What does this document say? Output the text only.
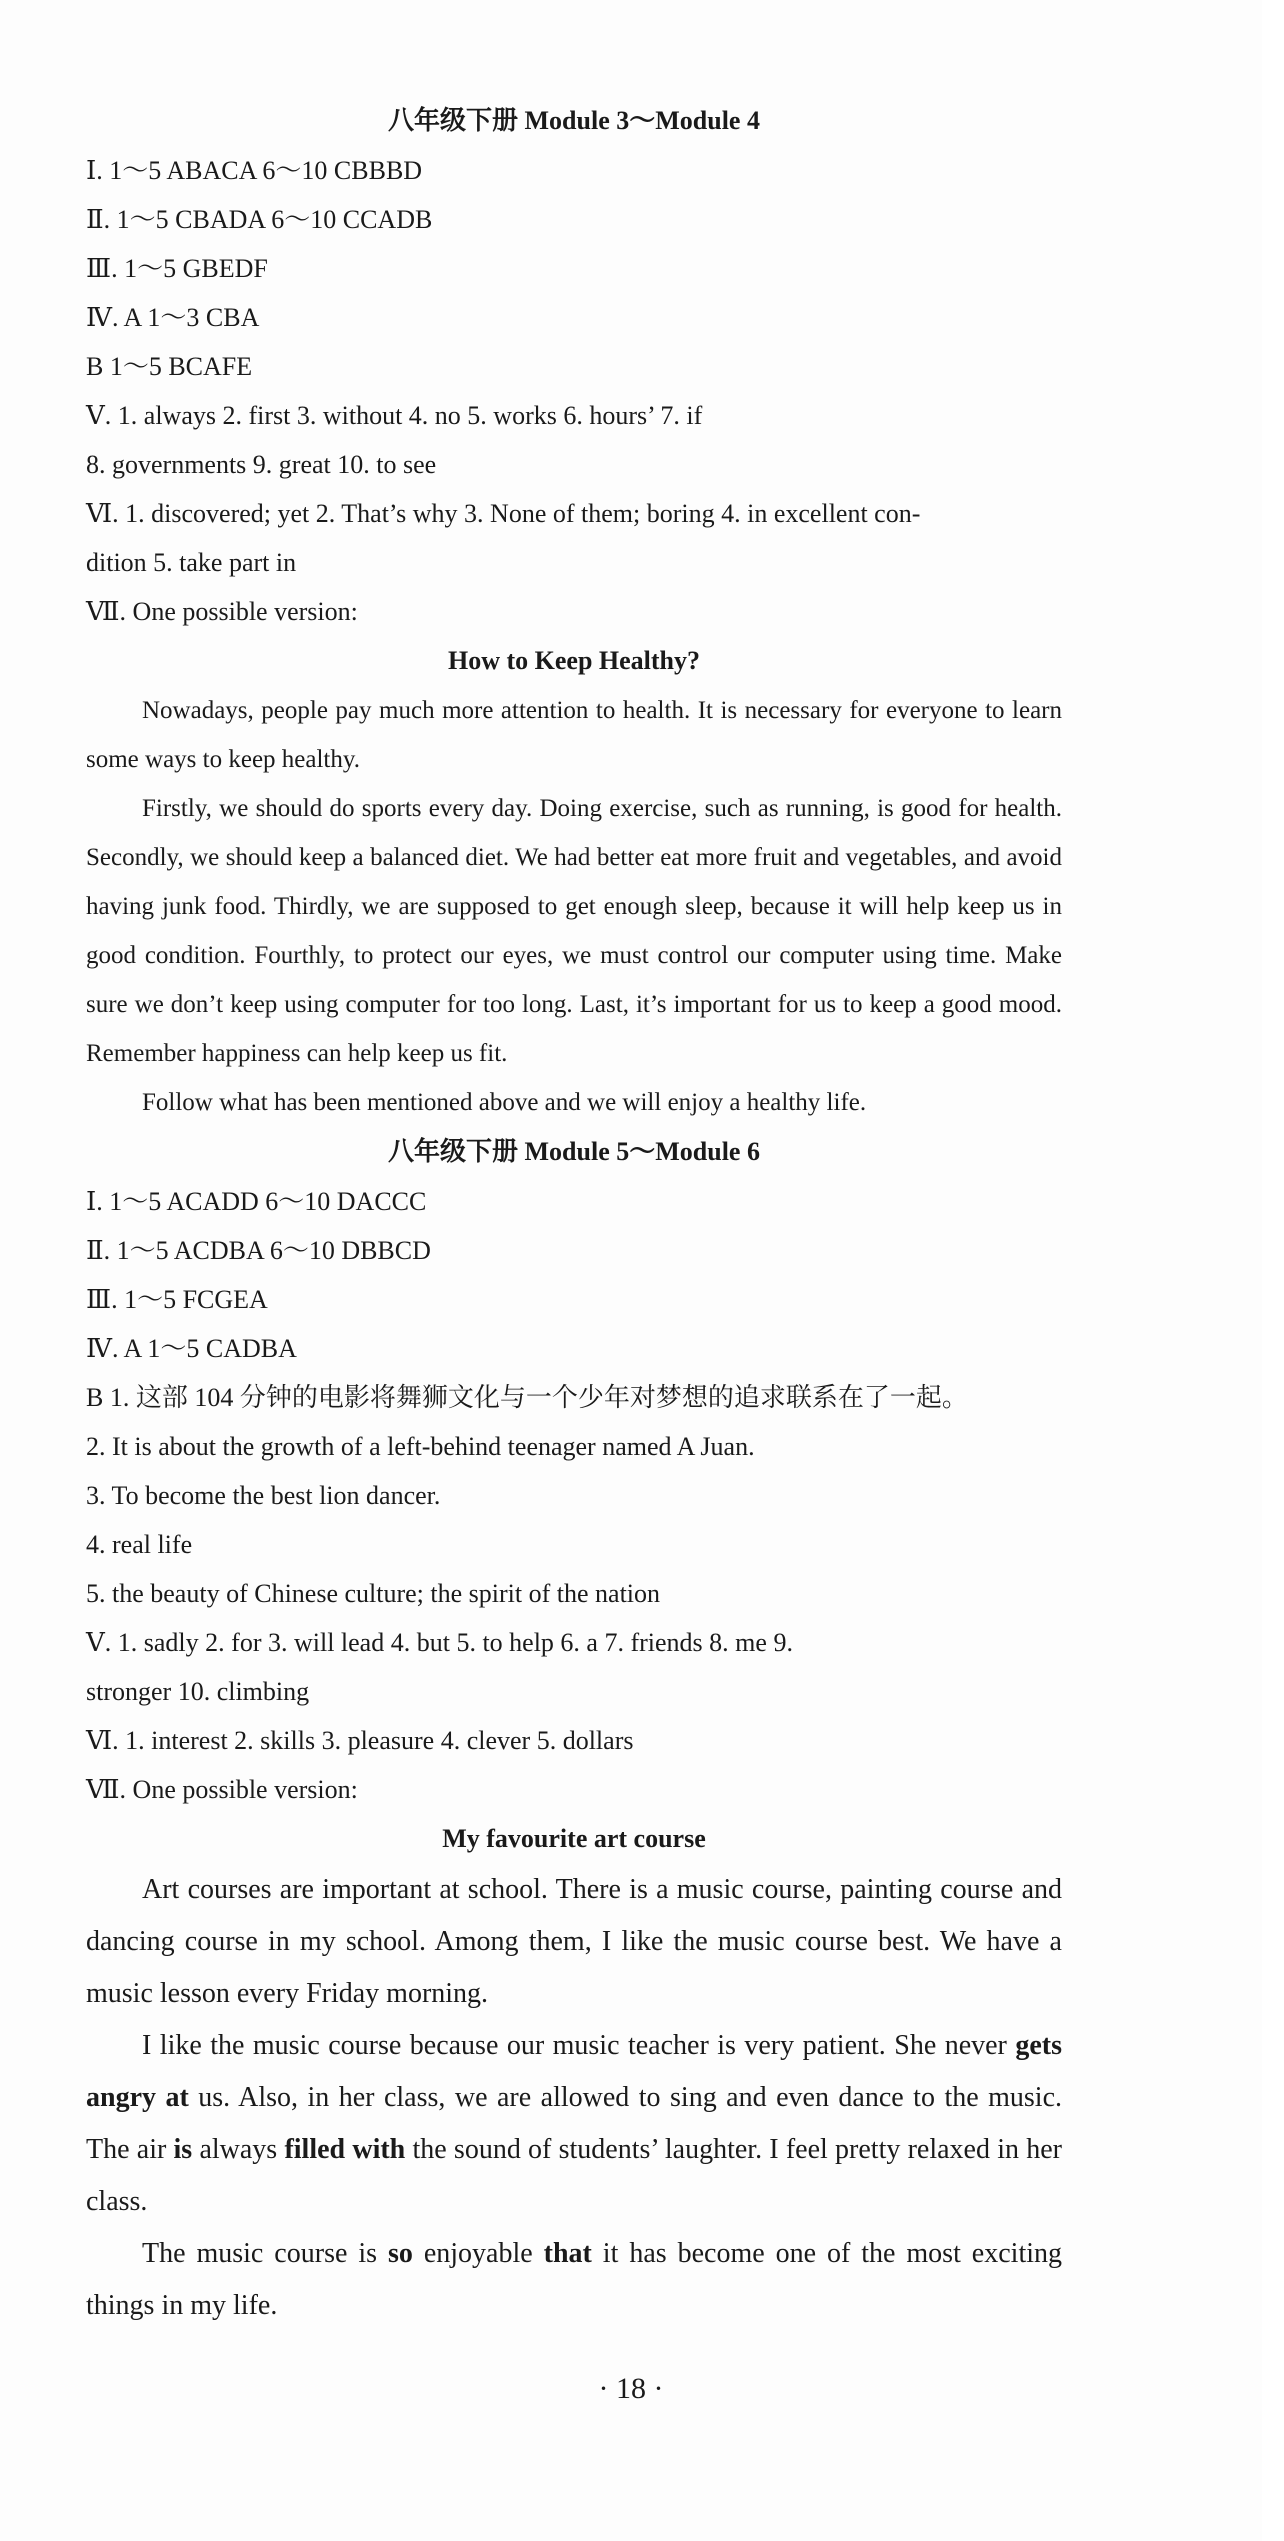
八年级下册 Module 3～Module 4
Ⅰ. 1～5 ABACA 6～10 CBBBD
Ⅱ. 1～5 CBADA 6～10 CCADB
Ⅲ. 1～5 GBEDF
Ⅳ. A 1～3 CBA
B 1～5 BCAFE
Ⅴ. 1. always 2. first 3. without 4. no 5. works 6. hours’ 7. if
8. governments 9. great 10. to see
Ⅵ. 1. discovered; yet 2. That’s why 3. None of them; boring 4. in excellent con-
dition 5. take part in
Ⅶ. One possible version:
How to Keep Healthy?

Nowadays, people pay much more attention to health. It is necessary for everyone to learn some ways to keep healthy.

Firstly, we should do sports every day. Doing exercise, such as running, is good for health. Secondly, we should keep a balanced diet. We had better eat more fruit and vegetables, and avoid having junk food. Thirdly, we are supposed to get enough sleep, because it will help keep us in good condition. Fourthly, to protect our eyes, we must control our computer using time. Make sure we don’t keep using computer for too long. Last, it’s important for us to keep a good mood. Remember happiness can help keep us fit.

Follow what has been mentioned above and we will enjoy a healthy life.

八年级下册 Module 5～Module 6
Ⅰ. 1～5 ACADD 6～10 DACCC
Ⅱ. 1～5 ACDBA 6～10 DBBCD
Ⅲ. 1～5 FCGEA
Ⅳ. A 1～5 CADBA
B 1. 这部 104 分钟的电影将舞狮文化与一个少年对梦想的追求联系在了一起。
2. It is about the growth of a left-behind teenager named A Juan.
3. To become the best lion dancer.
4. real life
5. the beauty of Chinese culture; the spirit of the nation
Ⅴ. 1. sadly 2. for 3. will lead 4. but 5. to help 6. a 7. friends 8. me 9.
stronger 10. climbing
Ⅵ. 1. interest 2. skills 3. pleasure 4. clever 5. dollars
Ⅶ. One possible version:
My favourite art course

Art courses are important at school. There is a music course, painting course and dancing course in my school. Among them, I like the music course best. We have a music lesson every Friday morning.

I like the music course because our music teacher is very patient. She never gets angry at us. Also, in her class, we are allowed to sing and even dance to the music. The air is always filled with the sound of students’ laughter. I feel pretty relaxed in her class.

The music course is so enjoyable that it has become one of the most exciting things in my life.

· 18 ·
